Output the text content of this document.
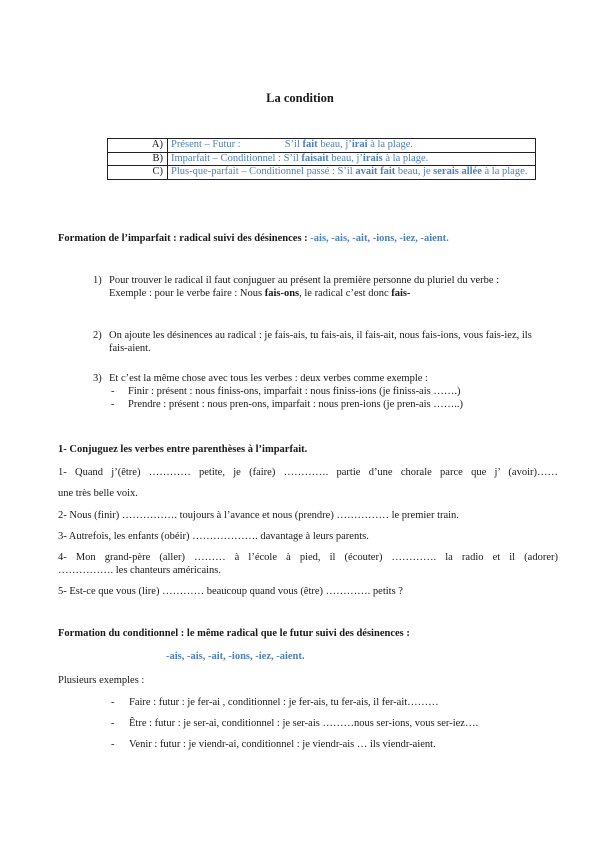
La condition
A)	Présent – Futur : S’il fait beau, j’irai à la plage.
B)	Imparfait – Conditionnel : S’il faisait beau, j’irais à la plage.
C)	Plus-que-parfait – Conditionnel passé : S’il avait fait beau, je serais allée à la plage.
Formation de l’imparfait : radical suivi des désinences : -ais, -ais, -ait, -ions, -iez, -aient.
1) Pour trouver le radical il faut conjuguer au présent la première personne du pluriel du verbe :
Exemple : pour le verbe faire : Nous fais-ons, le radical c’est donc fais-
2) On ajoute les désinences au radical : je fais-ais, tu fais-ais, il fais-ait, nous fais-ions, vous fais-iez, ils fais-aient.
3) Et c’est la même chose avec tous les verbes : deux verbes comme exemple :
- Finir : présent : nous finiss-ons, imparfait : nous finiss-ions (je finiss-ais …….)
- Prendre : présent : nous pren-ons, imparfait : nous pren-ions (je pren-ais ……..)
1- Conjuguez les verbes entre parenthèses à l’imparfait.
1- Quand j’(être) ………… petite, je (faire) …………. partie d’une chorale parce que j’ (avoir)……
une très belle voix.
2- Nous (finir) ……………. toujours à l’avance et nous (prendre) …………… le premier train.
3- Autrefois, les enfants (obéir) ………………. davantage à leurs parents.
4- Mon grand-père (aller) ……… à l’école à pied, il (écouter) …………. la radio et il (adorer)
……………. les chanteurs américains.
5- Est-ce que vous (lire) ………… beaucoup quand vous (être) …………. petits ?
Formation du conditionnel : le même radical que le futur suivi des désinences :
-ais, -ais, -ait, -ions, -iez, -aient.
Plusieurs exemples :
-	Faire : futur : je fer-ai , conditionnel : je fer-ais, tu fer-ais, il fer-ait………
-	Être : futur : je ser-ai, conditionnel : je ser-ais ………nous ser-ions, vous ser-iez….
-	Venir : futur : je viendr-ai, conditionnel : je viendr-ais … ils viendr-aient.
